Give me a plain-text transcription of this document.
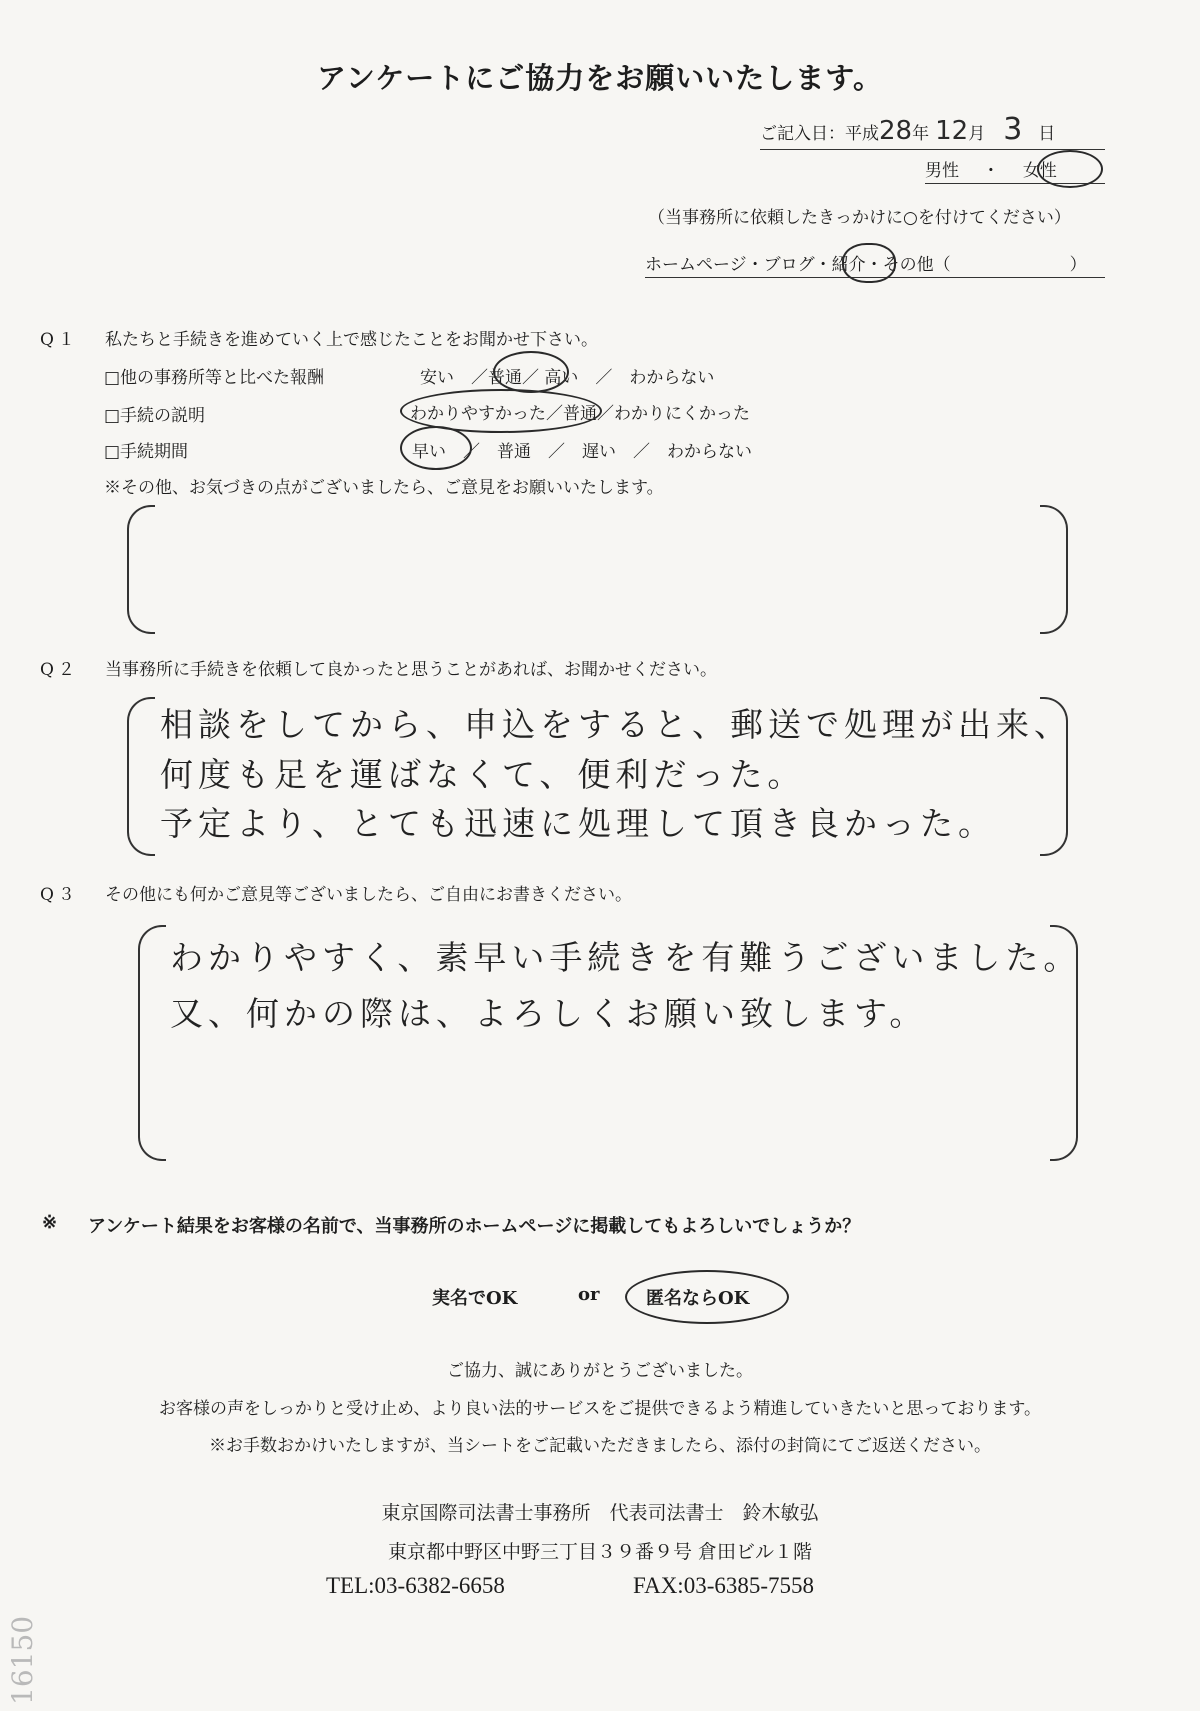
アンケートにご協力をお願いいたします。
ご記入日：平成28年 12月 3 日
男性 ・ 女性
（当事務所に依頼したきっかけに○を付けてください）
ホームページ・ブログ・紹介・その他（　　　　　　　）
Q１ 私たちと手続きを進めていく上で感じたことをお聞かせ下さい。
□他の事務所等と比べた報酬	安い　／普通／ 高い　／　わからない
□手続の説明	わかりやすかった／普通／わかりにくかった
□手続期間	早い　／　普通　／　遅い　／　わからない
※その他、お気づきの点がございましたら、ご意見をお願いいたします。
Q２ 当事務所に手続きを依頼して良かったと思うことがあれば、お聞かせください。
相談をしてから、申込をすると、郵送で処理が出来、
何度も足を運ばなくて、便利だった。
予定より、とても迅速に処理して頂き良かった。
Q３ その他にも何かご意見等ございましたら、ご自由にお書きください。
わかりやすく、素早い手続きを有難うございました。
又、何かの際は、よろしくお願い致します。
※ アンケート結果をお客様の名前で、当事務所のホームページに掲載してもよろしいでしょうか？
実名でOK	or	匿名ならOK
ご協力、誠にありがとうございました。
お客様の声をしっかりと受け止め、より良い法的サービスをご提供できるよう精進していきたいと思っております。
※お手数おかけいたしますが、当シートをご記載いただきましたら、添付の封筒にてご返送ください。
東京国際司法書士事務所　代表司法書士　鈴木敏弘
東京都中野区中野三丁目３９番９号 倉田ビル１階
TEL:03-6382-6658	FAX:03-6385-7558
16150
